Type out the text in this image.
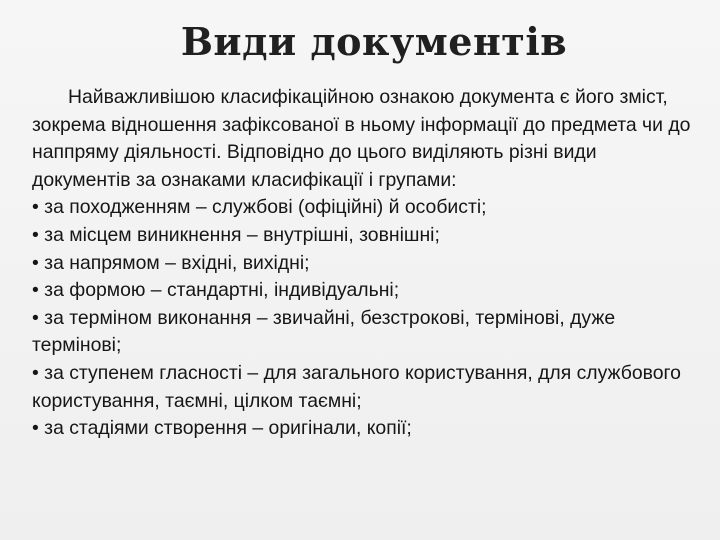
Види документів

Найважливішою класифікаційною ознакою документа є його зміст, зокрема відношення зафіксованої в ньому інформації до предмета чи до наппряму діяльності. Відповідно до цього виділяють різні види документів за ознаками класифікації і групами:

• за походженням – службові (офіційні) й особисті;

• за місцем виникнення – внутрішні, зовнішні;

• за напрямом – вхідні, вихідні;

• за формою – стандартні, індивідуальні;

• за терміном виконання – звичайні, безстрокові, термінові, дуже термінові;

• за ступенем гласності – для загального користування, для службового користування, таємні, цілком таємні;

• за стадіями створення – оригінали, копії;
